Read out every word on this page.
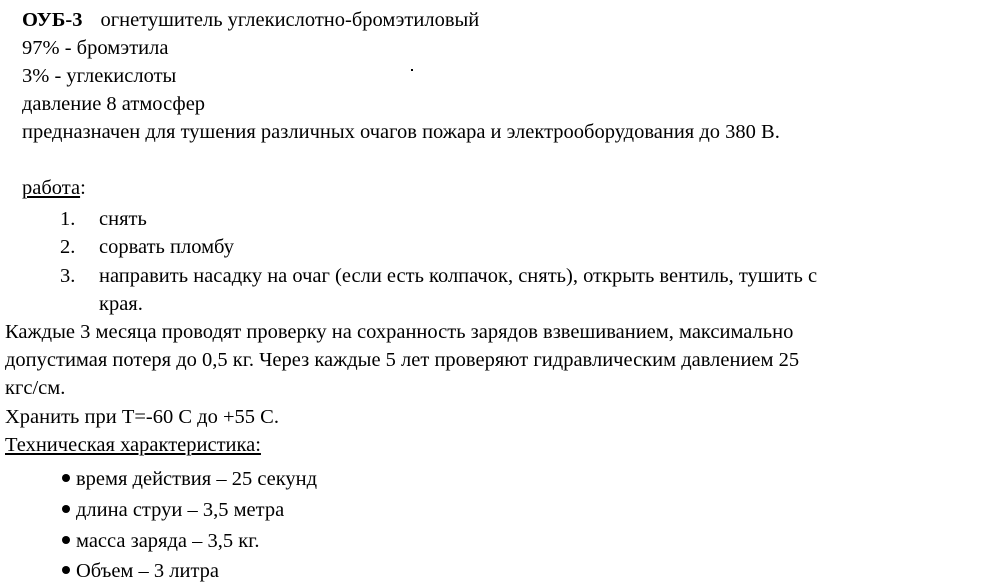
ОУБ-3 огнетушитель углекислотно-бромэтиловый
97% - бромэтила
3% - углекислоты
давление 8 атмосфер
предназначен для тушения различных очагов пожара и электрооборудования до 380 В.
работа:
1. снять
2. сорвать пломбу
3. направить насадку на очаг (если есть колпачок, снять), открыть вентиль, тушить с
края.
Каждые 3 месяца проводят проверку на сохранность зарядов взвешиванием, максимально
допустимая потеря до 0,5 кг. Через каждые 5 лет проверяют гидравлическим давлением 25
кгс/см.
Хранить при Т=-60 С до +55 С.
Техническая характеристика:
время действия – 25 секунд
длина струи – 3,5 метра
масса заряда – 3,5 кг.
Объем – 3 литра
